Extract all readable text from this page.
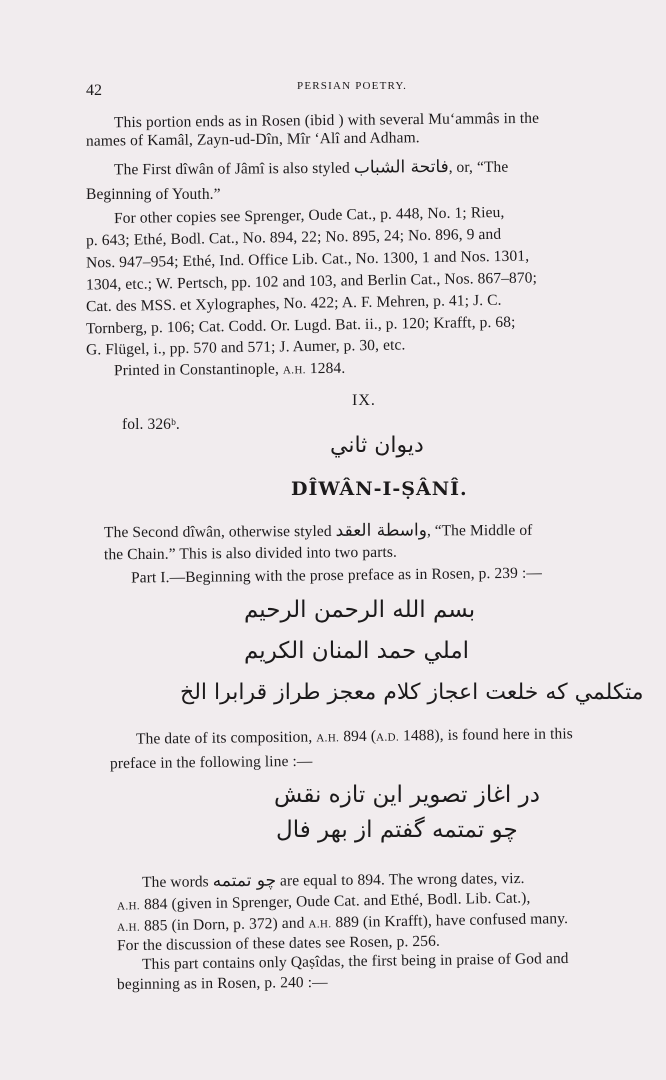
42	PERSIAN POETRY.
This portion ends as in Rosen (ibid ) with several Mu‘ammâs in the
names of Kamâl, Zayn-ud-Dîn, Mîr ‘Alî and Adham.
The First dîwân of Jâmî is also styled فاتحة الشباب, or, “The
Beginning of Youth.”
For other copies see Sprenger, Oude Cat., p. 448, No. 1; Rieu,
p. 643; Ethé, Bodl. Cat., No. 894, 22; No. 895, 24; No. 896, 9 and
Nos. 947–954; Ethé, Ind. Office Lib. Cat., No. 1300, 1 and Nos. 1301,
1304, etc.; W. Pertsch, pp. 102 and 103, and Berlin Cat., Nos. 867–870;
Cat. des MSS. et Xylographes, No. 422; A. F. Mehren, p. 41; J. C.
Tornberg, p. 106; Cat. Codd. Or. Lugd. Bat. ii., p. 120; Krafft, p. 68;
G. Flügel, i., pp. 570 and 571; J. Aumer, p. 30, etc.
Printed in Constantinople, A.H. 1284.
IX.
fol. 326ᵇ.
ديوان ثاني
DÎWÂN-I-ṢÂNÎ.
The Second dîwân, otherwise styled واسطة العقد, “The Middle of
the Chain.” This is also divided into two parts.
Part I.—Beginning with the prose preface as in Rosen, p. 239 :—
بسم الله الرحمن الرحيم
املي حمد المنان الكريم
متكلمي كه خلعت اعجاز كلام معجز طراز قرابرا الخ
The date of its composition, A.H. 894 (A.D. 1488), is found here in this
preface in the following line :—
در اغاز تصوير اين تازه نقش
چو تمتمه گفتم از بهر فال
The words چو تمتمه are equal to 894. The wrong dates, viz.
A.H. 884 (given in Sprenger, Oude Cat. and Ethé, Bodl. Lib. Cat.),
A.H. 885 (in Dorn, p. 372) and A.H. 889 (in Krafft), have confused many.
For the discussion of these dates see Rosen, p. 256.
This part contains only Qaṣîdas, the first being in praise of God and
beginning as in Rosen, p. 240 :—
